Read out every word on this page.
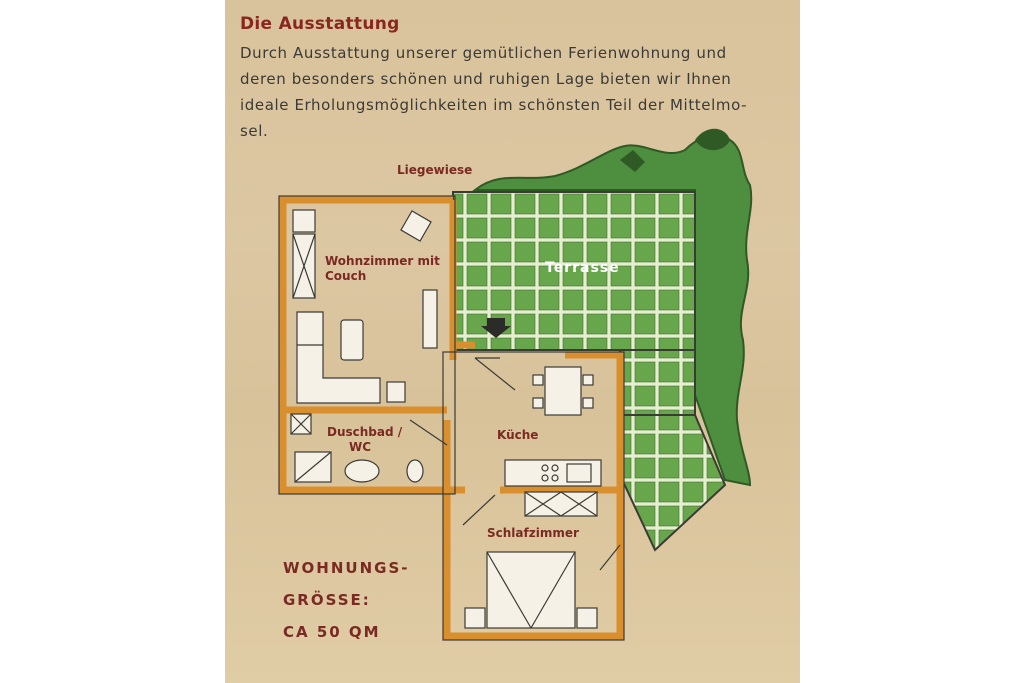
Die Ausstattung
Durch Ausstattung unserer gemütlichen Ferienwohnung und
deren besonders schönen und ruhigen Lage bieten wir Ihnen
ideale Erholungsmöglichkeiten im schönsten Teil der Mittelmo-
sel.
Liegewiese
Terrasse
Wohnzimmer mit
Couch
Duschbad /
WC
Küche
Schlafzimmer
WOHNUNGS-
GRÖSSE:
CA 50 QM
